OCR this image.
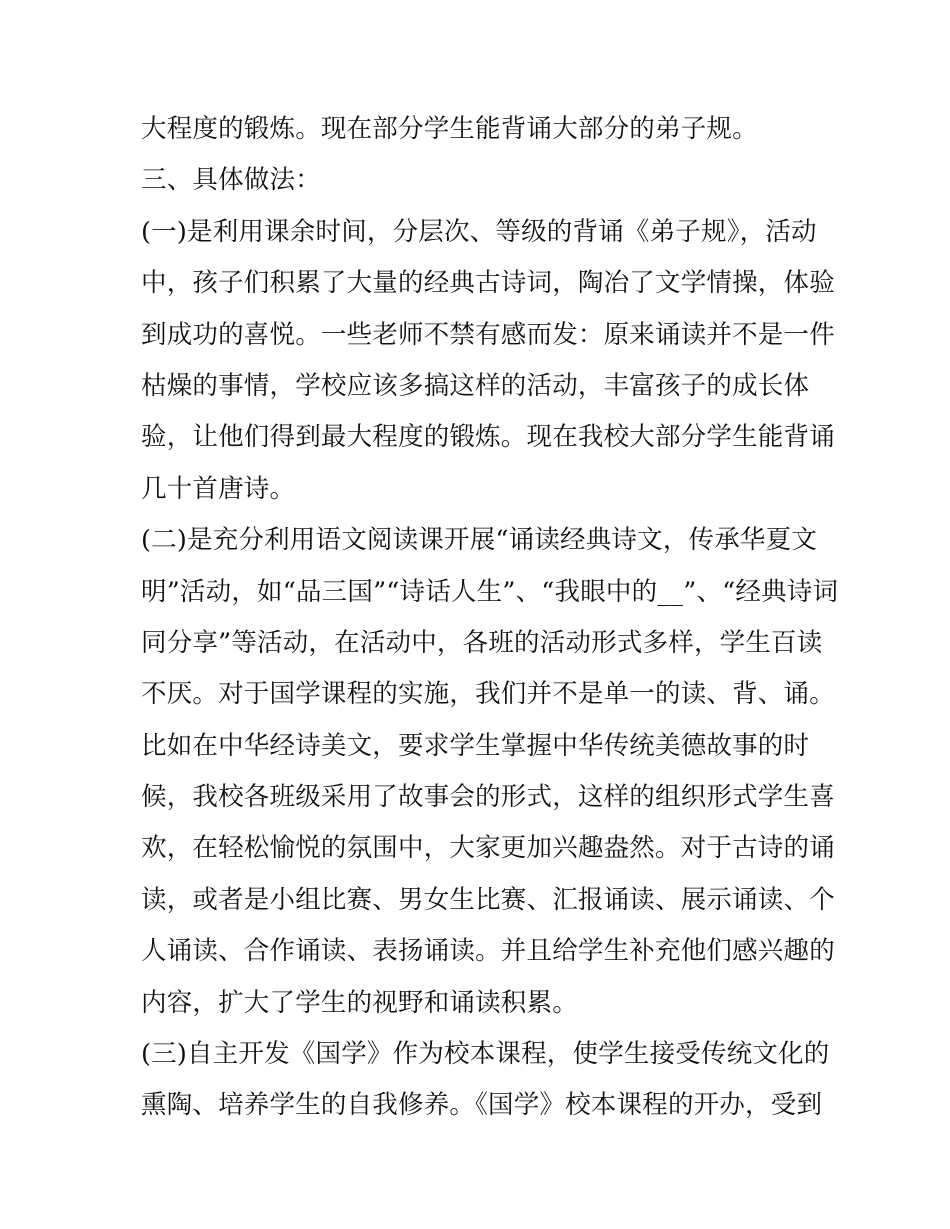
大程度的锻炼。现在部分学生能背诵大部分的弟子规。
三、具体做法：
(一)是利用课余时间，分层次、等级的背诵《弟子规》，活动
中，孩子们积累了大量的经典古诗词，陶冶了文学情操，体验
到成功的喜悦。一些老师不禁有感而发：原来诵读并不是一件
枯燥的事情，学校应该多搞这样的活动，丰富孩子的成长体
验，让他们得到最大程度的锻炼。现在我校大部分学生能背诵
几十首唐诗。
(二)是充分利用语文阅读课开展“诵读经典诗文，传承华夏文
明”活动，如“品三国”“诗话人生”、“我眼中的__”、“经典诗词
同分享”等活动，在活动中，各班的活动形式多样，学生百读
不厌。对于国学课程的实施，我们并不是单一的读、背、诵。
比如在中华经诗美文，要求学生掌握中华传统美德故事的时
候，我校各班级采用了故事会的形式，这样的组织形式学生喜
欢，在轻松愉悦的氛围中，大家更加兴趣盎然。对于古诗的诵
读，或者是小组比赛、男女生比赛、汇报诵读、展示诵读、个
人诵读、合作诵读、表扬诵读。并且给学生补充他们感兴趣的
内容，扩大了学生的视野和诵读积累。
(三)自主开发《国学》作为校本课程，使学生接受传统文化的
熏陶、培养学生的自我修养。《国学》校本课程的开办，受到
